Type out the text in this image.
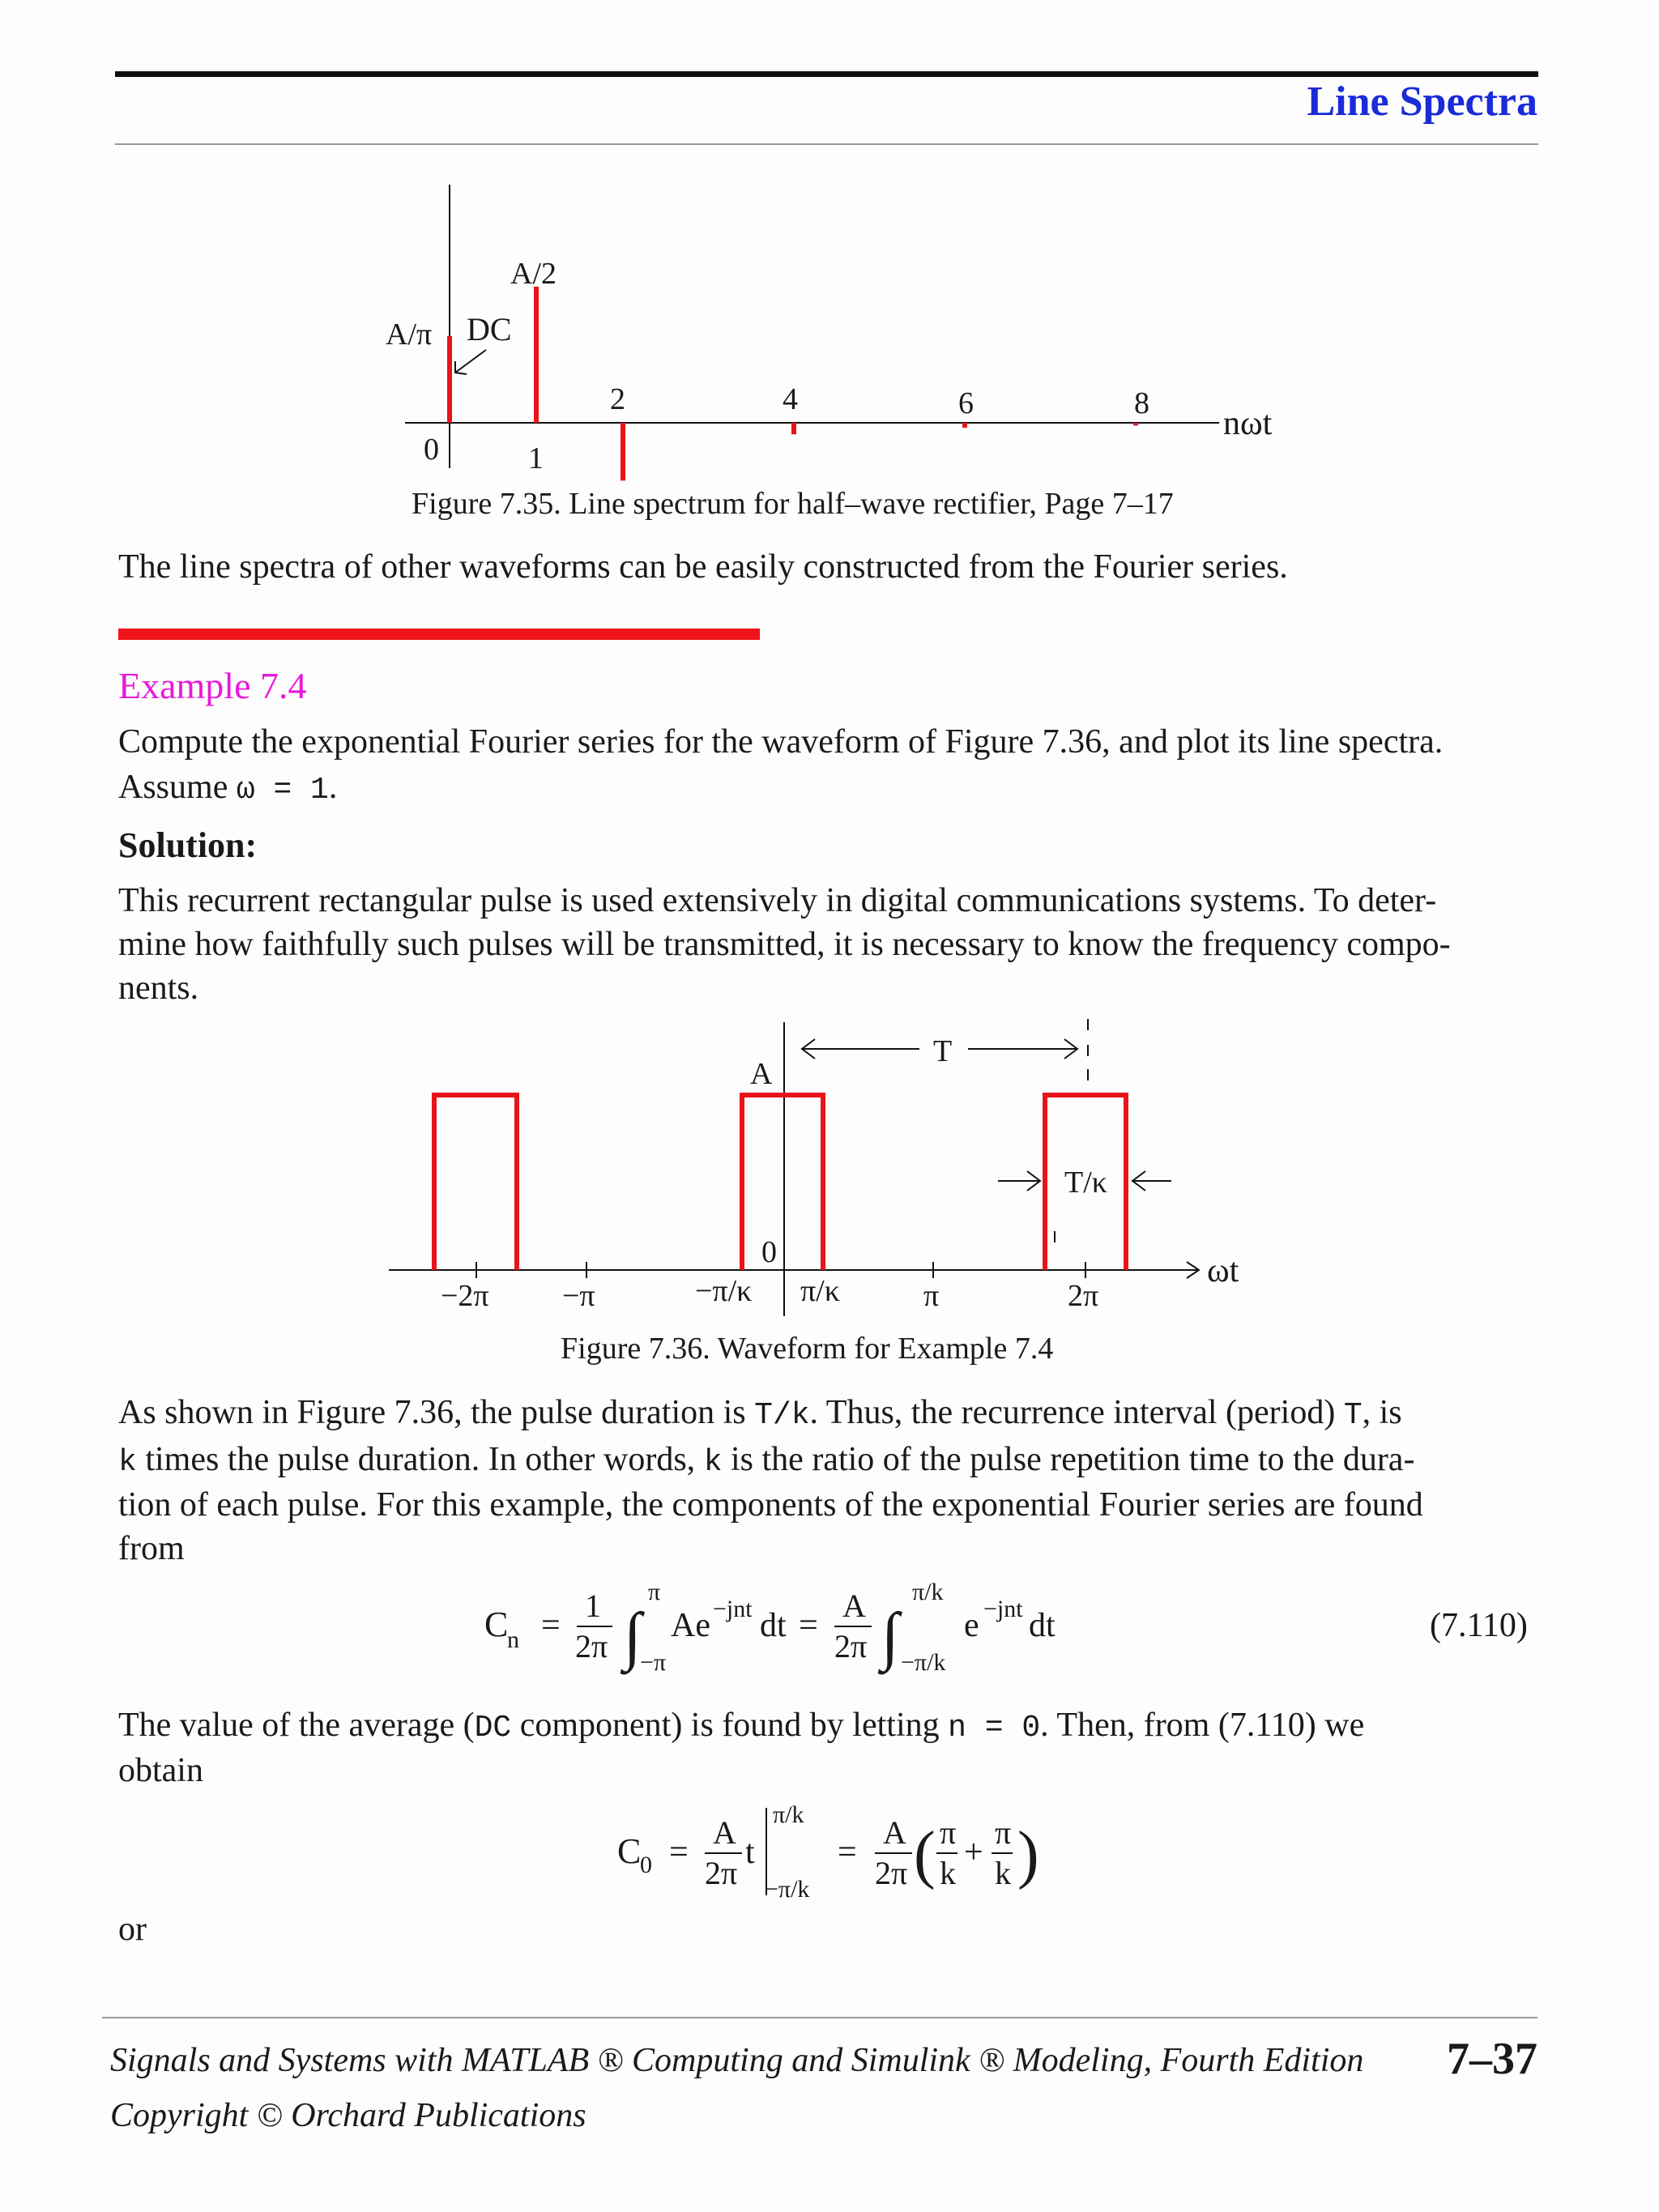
Line Spectra
A/π DC
A/2
nωt
0	1
2	4	6	8
Figure 7.35. Line spectrum for half–wave rectifier, Page 7–17
The line spectra of other waveforms can be easily constructed from the Fourier series.
Example 7.4
Compute the exponential Fourier series for the waveform of Figure 7.36, and plot its line spectra.
Assume ω = 1.
Solution:
This recurrent rectangular pulse is used extensively in digital communications systems. To deter-
mine how faithfully such pulses will be transmitted, it is necessary to know the frequency compo-
nents.
T
A
T/κ
0	ωt
−2π −π	−π/κ π/κ	π	2π
Figure 7.36. Waveform for Example 7.4
As shown in Figure 7.36, the pulse duration is T/k. Thus, the recurrence interval (period) T, is
k times the pulse duration. In other words, k is the ratio of the pulse repetition time to the dura-
tion of each pulse. For this example, the components of the exponential Fourier series are found
from
C
n =
1
2π ∫
π
−π
Ae −jnt dt =
A
2π ∫
π/k
−π/k
e −jnt dt	(7.110)
The value of the average (DC component) is found by letting n = 0. Then, from (7.110) we
obtain
C
0 =
A
2π
t
π/k
−π/k
=
A
2π ( π
k
+
π
k )
or
Signals and Systems with MATLAB ® Computing and Simulink ® Modeling, Fourth Edition
Copyright © Orchard Publications
7–37
